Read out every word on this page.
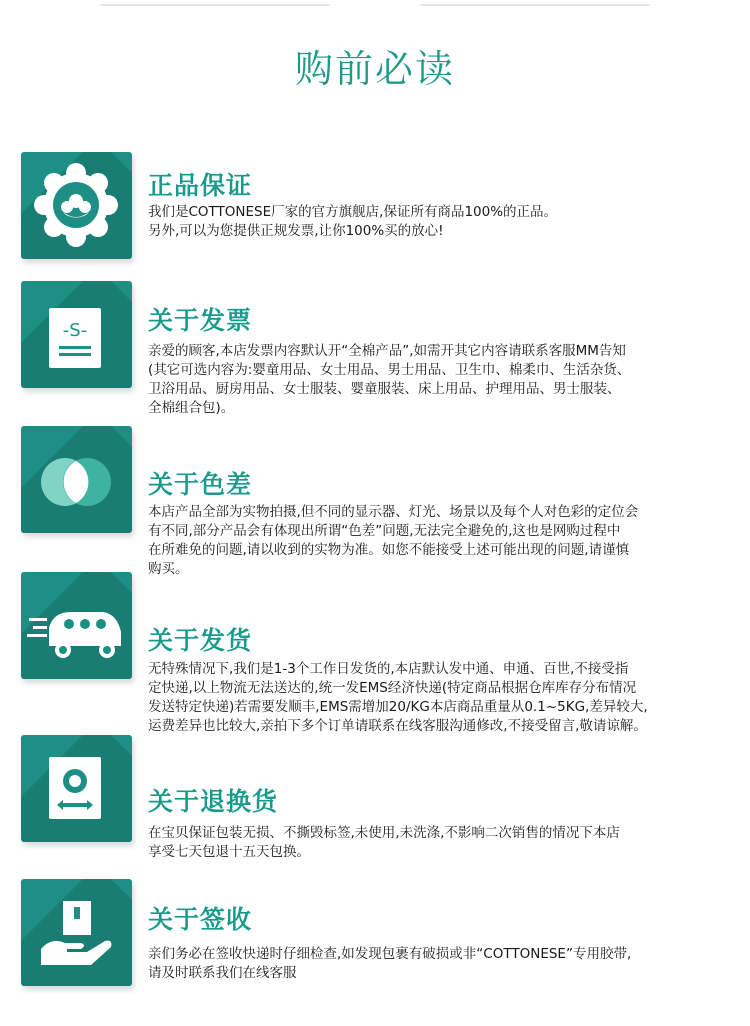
购前必读
正品保证
我们是COTTONESE厂家的官方旗舰店,保证所有商品100%的正品。
另外,可以为您提供正规发票,让你100%买的放心!
-S- 关于发票
亲爱的顾客,本店发票内容默认开“全棉产品”,如需开其它内容请联系客服MM告知
(其它可选内容为:婴童用品、女士用品、男士用品、卫生巾、棉柔巾、生活杂货、
卫浴用品、厨房用品、女士服装、婴童服装、床上用品、护理用品、男士服装、
全棉组合包)。
关于色差
本店产品全部为实物拍摄,但不同的显示器、灯光、场景以及每个人对色彩的定位会
有不同,部分产品会有体现出所谓“色差”问题,无法完全避免的,这也是网购过程中
在所难免的问题,请以收到的实物为准。如您不能接受上述可能出现的问题,请谨慎
购买。
关于发货
无特殊情况下,我们是1-3个工作日发货的,本店默认发中通、申通、百世,不接受指
定快递,以上物流无法送达的,统一发EMS经济快递(特定商品根据仓库库存分布情况
发送特定快递)若需要发顺丰,EMS需增加20/KG本店商品重量从0.1~5KG,差异较大,
运费差异也比较大,亲拍下多个订单请联系在线客服沟通修改,不接受留言,敬请谅解。
关于退换货
在宝贝保证包装无损、不撕毁标签,未使用,未洗涤,不影响二次销售的情况下本店
享受七天包退十五天包换。
关于签收
亲们务必在签收快递时仔细检查,如发现包裹有破损或非“COTTONESE”专用胶带,
请及时联系我们在线客服
